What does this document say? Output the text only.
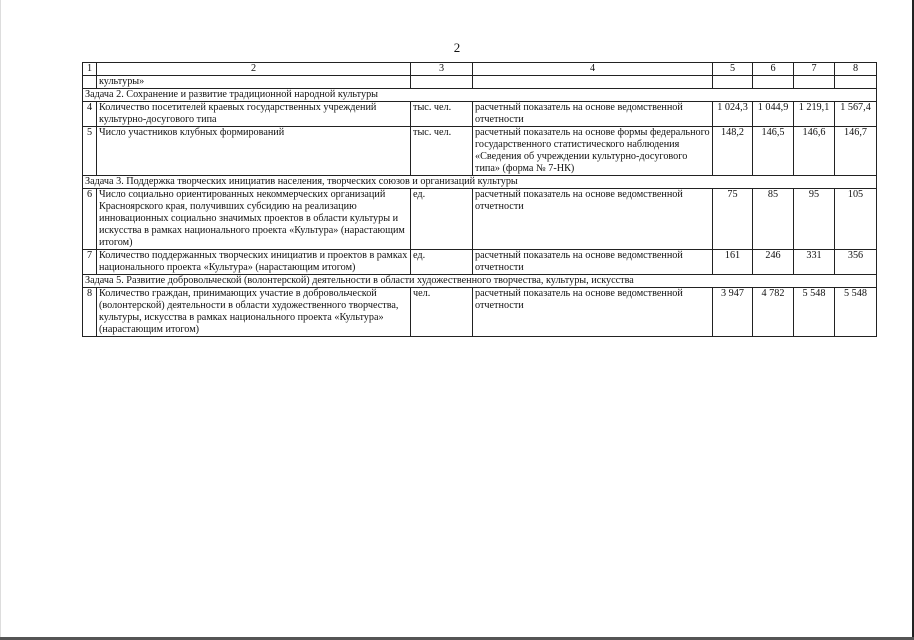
2
1	2	3	4	5	6	7	8
	культуры»						
Задача 2. Сохранение и развитие традиционной народной культуры							
4	Количество посетителей краевых государственных учреждений культурно-досугового типа	тыс. чел.	расчетный показатель на основе ведомственной отчетности	1 024,3	1 044,9	1 219,1	1 567,4
5	Число участников клубных формирований	тыс. чел.	расчетный показатель на основе формы федерального государственного статистического наблюдения «Сведения об учреждении культурно-досугового типа» (форма № 7-НК)	148,2	146,5	146,6	146,7
Задача 3. Поддержка творческих инициатив населения, творческих союзов и организаций культуры							
6	Число социально ориентированных некоммерческих организаций Красноярского края, получивших субсидию на реализацию инновационных социально значимых проектов в области культуры и искусства в рамках национального проекта «Культура» (нарастающим итогом)	ед.	расчетный показатель на основе ведомственной отчетности	75	85	95	105
7	Количество поддержанных творческих инициатив и проектов в рамках национального проекта «Культура» (нарастающим итогом)	ед.	расчетный показатель на основе ведомственной отчетности	161	246	331	356
Задача 5. Развитие добровольческой (волонтерской) деятельности в области художественного творчества, культуры, искусства							
8	Количество граждан, принимающих участие в добровольческой (волонтерской) деятельности в области художественного творчества, культуры, искусства в рамках национального проекта «Культура» (нарастающим итогом)	чел.	расчетный показатель на основе ведомственной отчетности	3 947	4 782	5 548	5 548
